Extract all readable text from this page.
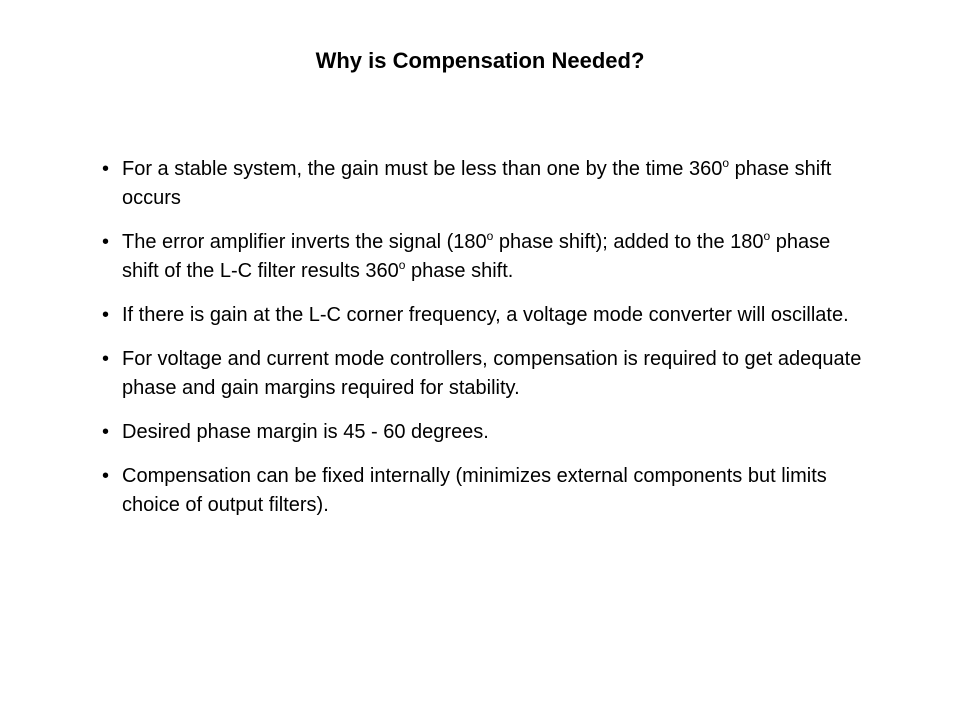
Why is Compensation Needed?
• For a stable system, the gain must be less than one by the time 360$^o$ phase shift occurs
• The error amplifier inverts the signal (180$^o$ phase shift); added to the 180$^o$ phase shift of the L-C filter results 360$^o$ phase shift.
• If there is gain at the L-C corner frequency, a voltage mode converter will oscillate.
• For voltage and current mode controllers, compensation is required to get adequate phase and gain margins required for stability.
• Desired phase margin is 45 - 60 degrees.
• Compensation can be fixed internally (minimizes external components but limits choice of output filters).
